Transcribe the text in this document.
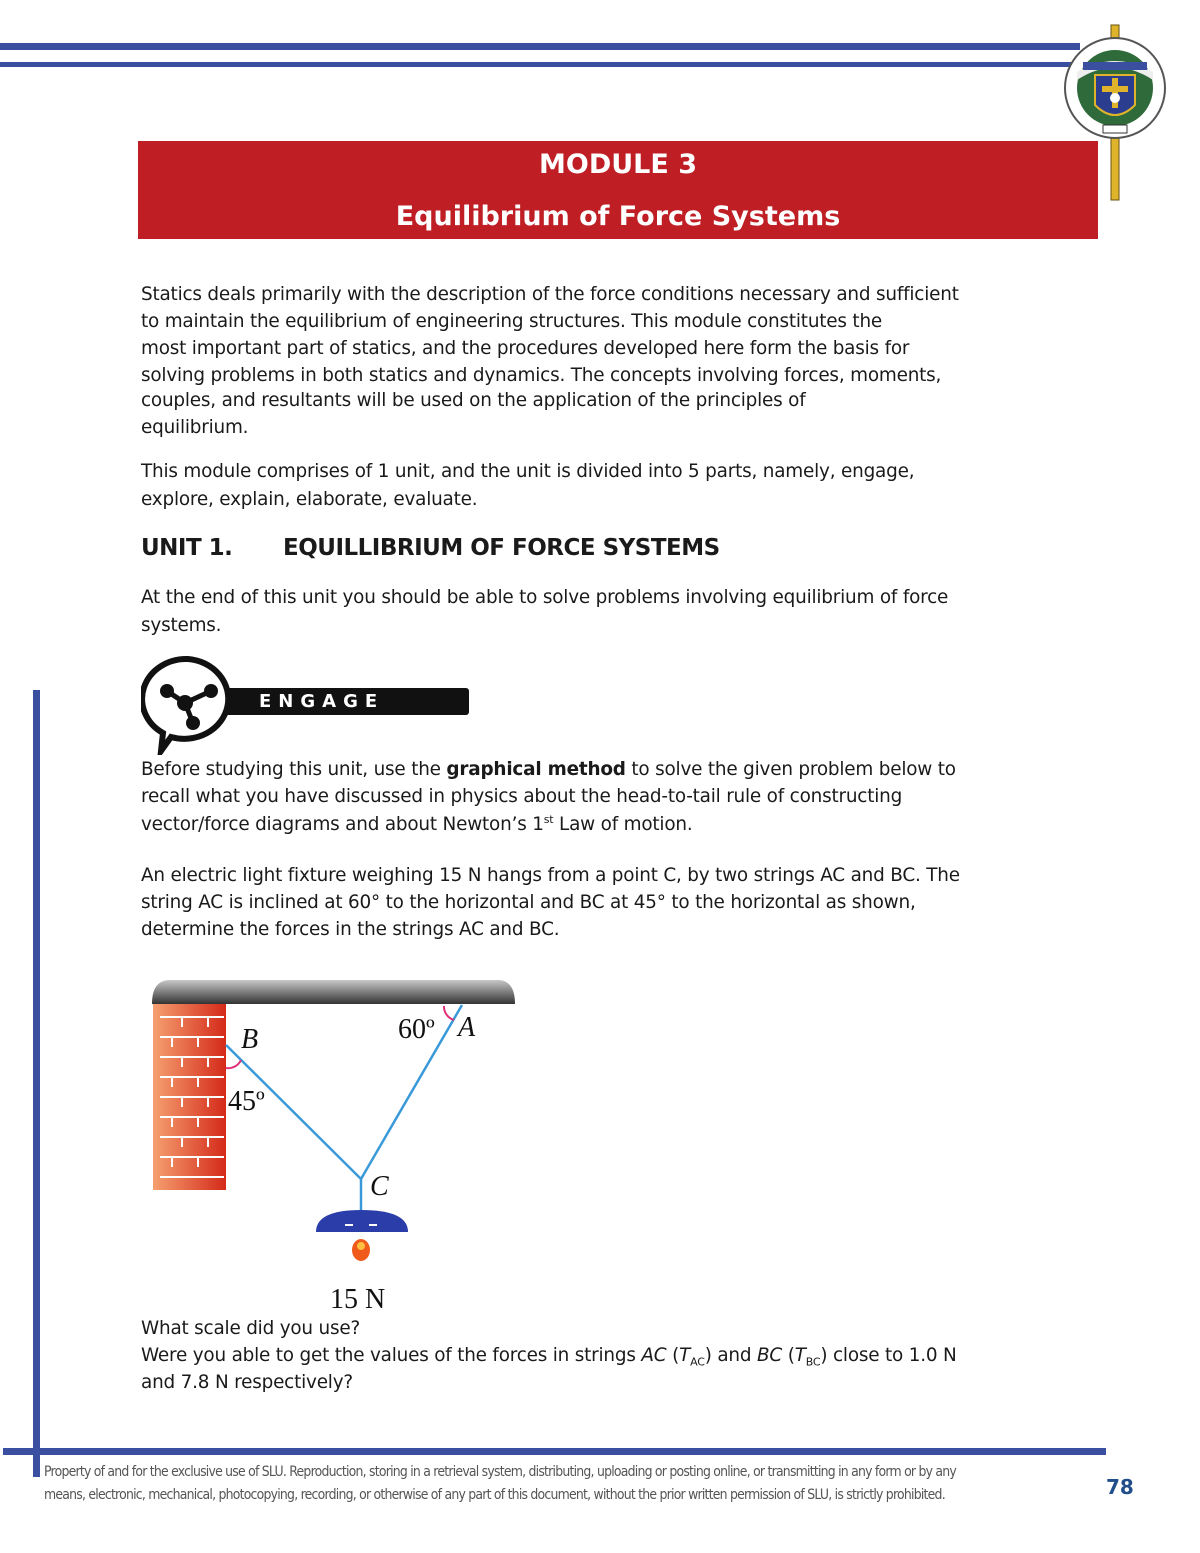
MODULE 3
Equilibrium of Force Systems
Statics deals primarily with the description of the force conditions necessary and sufficient
to maintain the equilibrium of engineering structures. This module constitutes the
most important part of statics, and the procedures developed here form the basis for
solving problems in both statics and dynamics. The concepts involving forces, moments,
couples, and resultants will be used on the application of the principles of
equilibrium.
This module comprises of 1 unit, and the unit is divided into 5 parts, namely, engage,
explore, explain, elaborate, evaluate.
UNIT 1. EQUILLIBRIUM OF FORCE SYSTEMS
At the end of this unit you should be able to solve problems involving equilibrium of force
systems.
ENGAGE
Before studying this unit, use the graphical method to solve the given problem below to
recall what you have discussed in physics about the head-to-tail rule of constructing
vector/force diagrams and about Newton’s 1st Law of motion.
An electric light fixture weighing 15 N hangs from a point C, by two strings AC and BC. The
string AC is inclined at 60° to the horizontal and BC at 45° to the horizontal as shown,
determine the forces in the strings AC and BC.
B	A
C
60º
45º
15 N
What scale did you use?
Were you able to get the values of the forces in strings AC $(T_{AC})$ and BC $(T_{BC})$ close to 1.0 N
and 7.8 N respectively?
Property of and for the exclusive use of SLU. Reproduction, storing in a retrieval system, distributing, uploading or posting online, or transmitting in any form or by any
means, electronic, mechanical, photocopying, recording, or otherwise of any part of this document, without the prior written permission of SLU, is strictly prohibited.	78
